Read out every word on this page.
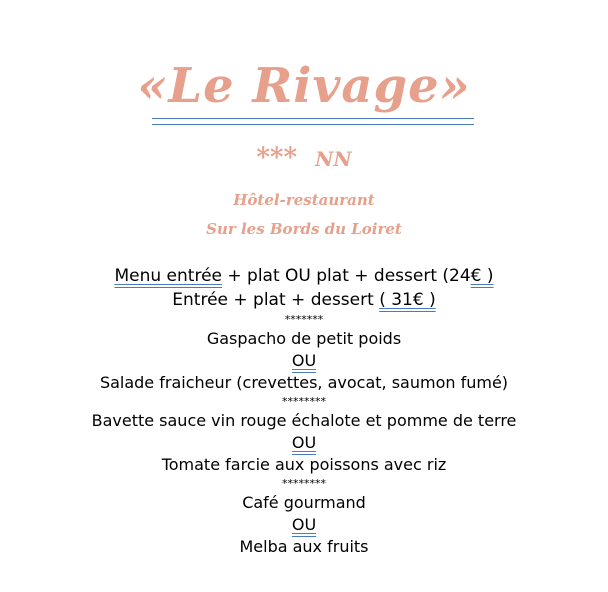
«Le Rivage»
*** NN
Hôtel-restaurant
Sur les Bords du Loiret
Menu entrée + plat OU plat + dessert (24€ )
Entrée + plat + dessert ( 31€ )
*******
Gaspacho de petit poids
OU
Salade fraicheur (crevettes, avocat, saumon fumé)
********
Bavette sauce vin rouge échalote et pomme de terre
OU
Tomate farcie aux poissons avec riz
********
Café gourmand
OU
Melba aux fruits
